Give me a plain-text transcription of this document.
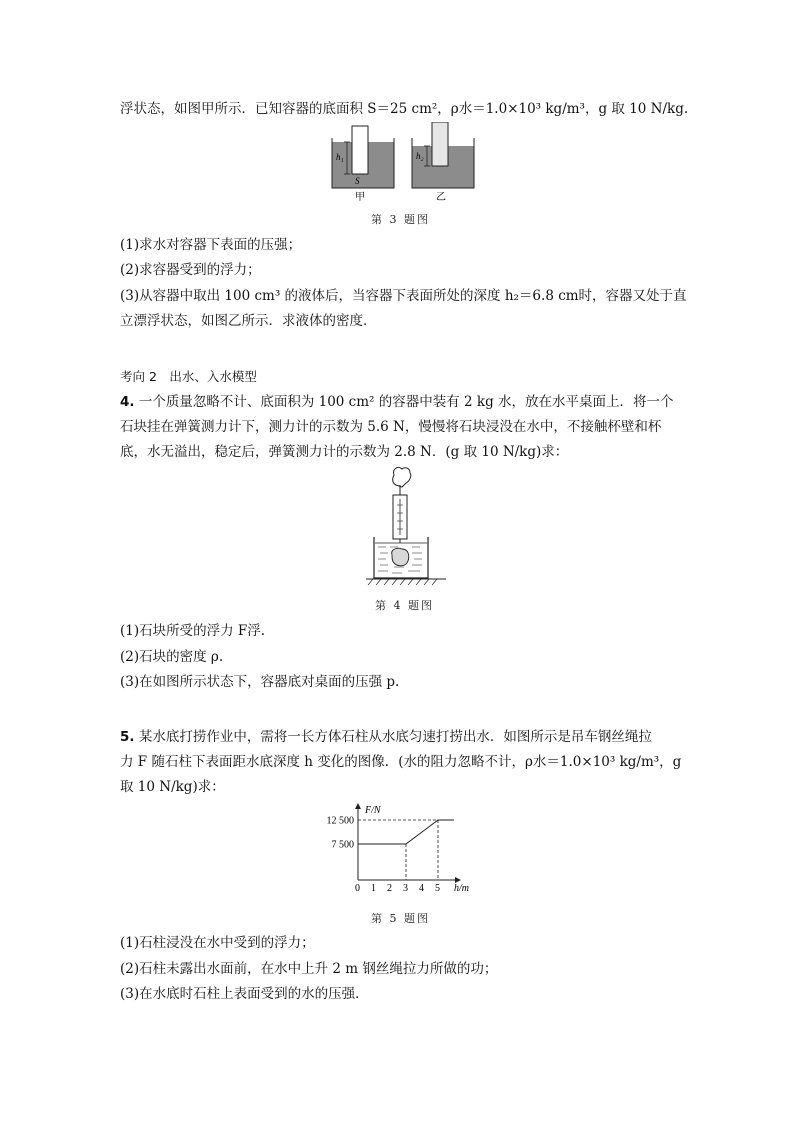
浮状态，如图甲所示．已知容器的底面积 S＝25 cm²，ρ水＝1.0×10³ kg/m³，g 取 10 N/kg.
h₁
S
甲
h₂
乙
第 3 题图
(1)求水对容器下表面的压强；
(2)求容器受到的浮力；
(3)从容器中取出 100 cm³ 的液体后，当容器下表面所处的深度 h₂＝6.8 cm时，容器又处于直
立漂浮状态，如图乙所示．求液体的密度．
考向 2　出水、入水模型
4. 一个质量忽略不计、底面积为 100 cm² 的容器中装有 2 kg 水，放在水平桌面上．将一个
石块挂在弹簧测力计下，测力计的示数为 5.6 N，慢慢将石块浸没在水中，不接触杯壁和杯
底，水无溢出，稳定后，弹簧测力计的示数为 2.8 N．(g 取 10 N/kg)求：
第 4 题图
(1)石块所受的浮力 F浮.
(2)石块的密度 ρ.
(3)在如图所示状态下，容器底对桌面的压强 p.
5. 某水底打捞作业中，需将一长方体石柱从水底匀速打捞出水．如图所示是吊车钢丝绳拉
力 F 随石柱下表面距水底深度 h 变化的图像．(水的阻力忽略不计，ρ水＝1.0×10³ kg/m³，g
取 10 N/kg)求：
F/N
h/m
0 1 2 3 4 5
7 500
12 500
第 5 题图
(1)石柱浸没在水中受到的浮力；
(2)石柱未露出水面前，在水中上升 2 m 钢丝绳拉力所做的功；
(3)在水底时石柱上表面受到的水的压强．
